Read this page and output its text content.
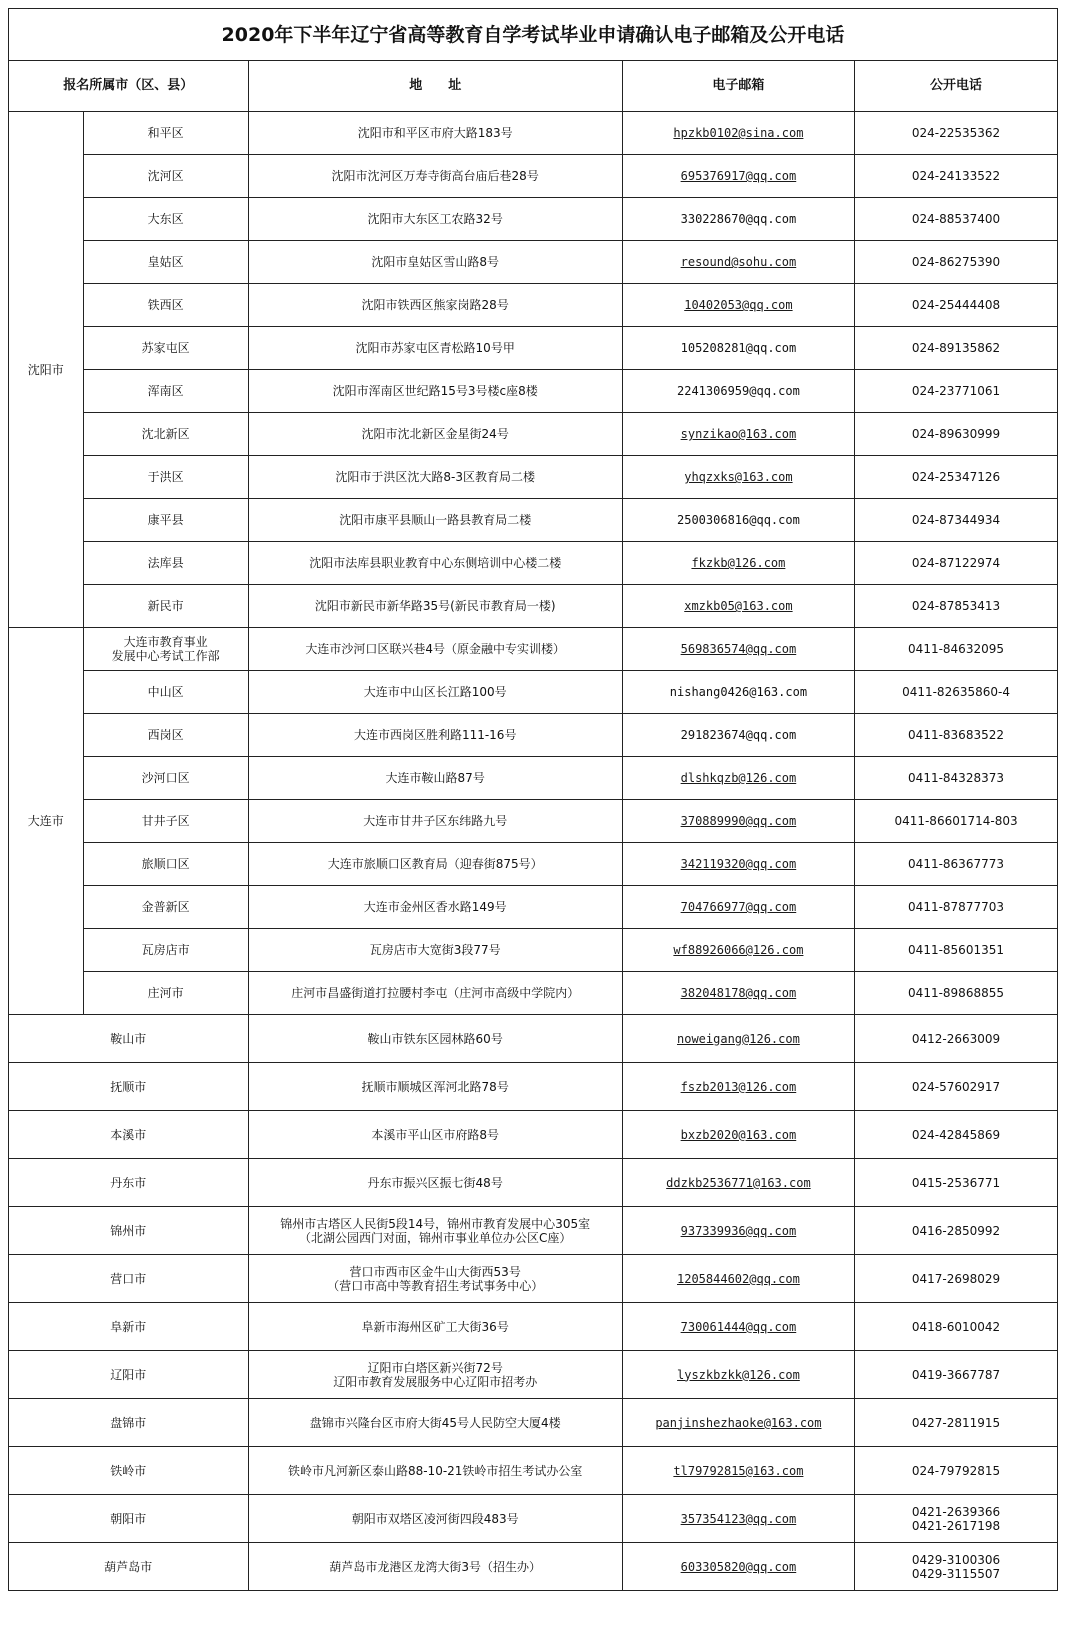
2020年下半年辽宁省高等教育自学考试毕业申请确认电子邮箱及公开电话				
报名所属市（区、县）		地　　址	电子邮箱	公开电话
沈阳市	和平区	沈阳市和平区市府大路183号	hpzkb0102@sina.com	024-22535362
	沈河区	沈阳市沈河区万寿寺街高台庙后巷28号	695376917@qq.com	024-24133522
	大东区	沈阳市大东区工农路32号	330228670@qq.com	024-88537400
	皇姑区	沈阳市皇姑区雪山路8号	resound@sohu.com	024-86275390
	铁西区	沈阳市铁西区熊家岗路28号	10402053@qq.com	024-25444408
	苏家屯区	沈阳市苏家屯区青松路10号甲	105208281@qq.com	024-89135862
	浑南区	沈阳市浑南区世纪路15号3号楼c座8楼	2241306959@qq.com	024-23771061
	沈北新区	沈阳市沈北新区金星街24号	synzikao@163.com	024-89630999
	于洪区	沈阳市于洪区沈大路8-3区教育局二楼	yhqzxks@163.com	024-25347126
	康平县	沈阳市康平县顺山一路县教育局二楼	2500306816@qq.com	024-87344934
	法库县	沈阳市法库县职业教育中心东侧培训中心楼二楼	fkzkb@126.com	024-87122974
	新民市	沈阳市新民市新华路35号(新民市教育局一楼)	xmzkb05@163.com	024-87853413
大连市	大连市教育事业
发展中心考试工作部	大连市沙河口区联兴巷4号（原金融中专实训楼）	569836574@qq.com	0411-84632095
	中山区	大连市中山区长江路100号	nishang0426@163.com	0411-82635860-4
	西岗区	大连市西岗区胜利路111-16号	291823674@qq.com	0411-83683522
	沙河口区	大连市鞍山路87号	dlshkqzb@126.com	0411-84328373
	甘井子区	大连市甘井子区东纬路九号	370889990@qq.com	0411-86601714-803
	旅顺口区	大连市旅顺口区教育局（迎春街875号）	342119320@qq.com	0411-86367773
	金普新区	大连市金州区香水路149号	704766977@qq.com	0411-87877703
	瓦房店市	瓦房店市大宽街3段77号	wf88926066@126.com	0411-85601351
	庄河市	庄河市昌盛街道打拉腰村李屯（庄河市高级中学院内）	382048178@qq.com	0411-89868855
鞍山市		鞍山市铁东区园林路60号	noweigang@126.com	0412-2663009
抚顺市		抚顺市顺城区浑河北路78号	fszb2013@126.com	024-57602917
本溪市		本溪市平山区市府路8号	bxzb2020@163.com	024-42845869
丹东市		丹东市振兴区振七街48号	ddzkb2536771@163.com	0415-2536771
锦州市		锦州市古塔区人民街5段14号，锦州市教育发展中心305室
（北湖公园西门对面，锦州市事业单位办公区C座）	937339936@qq.com	0416-2850992
营口市		营口市西市区金牛山大街西53号
（营口市高中等教育招生考试事务中心）	1205844602@qq.com	0417-2698029
阜新市		阜新市海州区矿工大街36号	730061444@qq.com	0418-6010042
辽阳市		辽阳市白塔区新兴街72号
辽阳市教育发展服务中心辽阳市招考办	lyszkbzkk@126.com	0419-3667787
盘锦市		盘锦市兴隆台区市府大街45号人民防空大厦4楼	panjinshezhaoke@163.com	0427-2811915
铁岭市		铁岭市凡河新区泰山路88-10-21铁岭市招生考试办公室	tl79792815@163.com	024-79792815
朝阳市		朝阳市双塔区凌河街四段483号	357354123@qq.com	0421-2639366
0421-2617198
葫芦岛市		葫芦岛市龙港区龙湾大街3号（招生办）	603305820@qq.com	0429-3100306
0429-3115507
